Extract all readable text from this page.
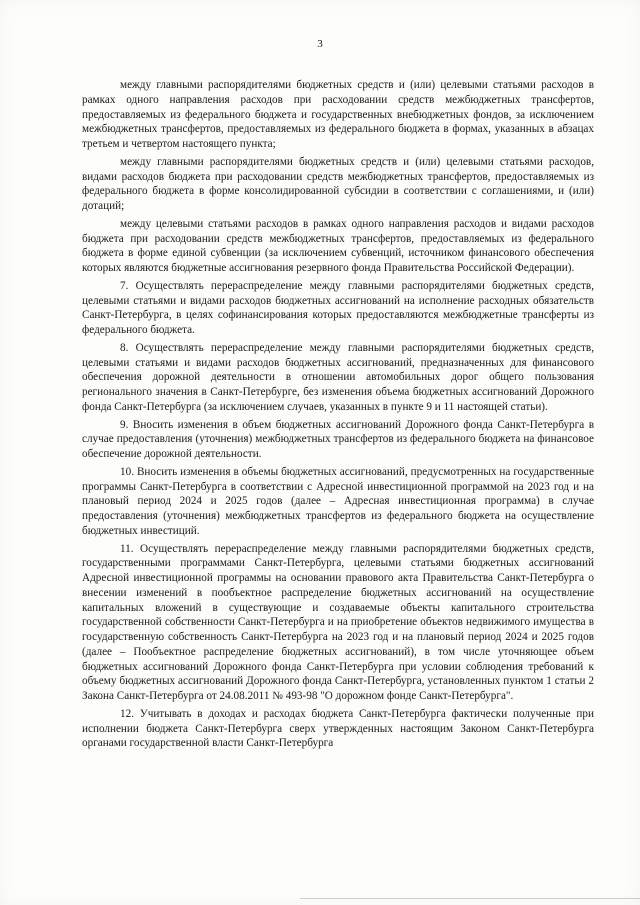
3

между главными распорядителями бюджетных средств и (или) целевыми статьями расходов в рамках одного направления расходов при расходовании средств межбюджетных трансфертов, предоставляемых из федерального бюджета и государственных внебюджетных фондов, за исключением межбюджетных трансфертов, предоставляемых из федерального бюджета в формах, указанных в абзацах третьем и четвертом настоящего пункта;

между главными распорядителями бюджетных средств и (или) целевыми статьями расходов, видами расходов бюджета при расходовании средств межбюджетных трансфертов, предоставляемых из федерального бюджета в форме консолидированной субсидии в соответствии с соглашениями, и (или) дотаций;

между целевыми статьями расходов в рамках одного направления расходов и видами расходов бюджета при расходовании средств межбюджетных трансфертов, предоставляемых из федерального бюджета в форме единой субвенции (за исключением субвенций, источником финансового обеспечения которых являются бюджетные ассигнования резервного фонда Правительства Российской Федерации).

7. Осуществлять перераспределение между главными распорядителями бюджетных средств, целевыми статьями и видами расходов бюджетных ассигнований на исполнение расходных обязательств Санкт-Петербурга, в целях софинансирования которых предоставляются межбюджетные трансферты из федерального бюджета.

8. Осуществлять перераспределение между главными распорядителями бюджетных средств, целевыми статьями и видами расходов бюджетных ассигнований, предназначенных для финансового обеспечения дорожной деятельности в отношении автомобильных дорог общего пользования регионального значения в Санкт-Петербурге, без изменения объема бюджетных ассигнований Дорожного фонда Санкт-Петербурга (за исключением случаев, указанных в пункте 9 и 11 настоящей статьи).

9. Вносить изменения в объем бюджетных ассигнований Дорожного фонда Санкт-Петербурга в случае предоставления (уточнения) межбюджетных трансфертов из федерального бюджета на финансовое обеспечение дорожной деятельности.

10. Вносить изменения в объемы бюджетных ассигнований, предусмотренных на государственные программы Санкт-Петербурга в соответствии с Адресной инвестиционной программой на 2023 год и на плановый период 2024 и 2025 годов (далее – Адресная инвестиционная программа) в случае предоставления (уточнения) межбюджетных трансфертов из федерального бюджета на осуществление бюджетных инвестиций.

11. Осуществлять перераспределение между главными распорядителями бюджетных средств, государственными программами Санкт-Петербурга, целевыми статьями бюджетных ассигнований Адресной инвестиционной программы на основании правового акта Правительства Санкт-Петербурга о внесении изменений в пообъектное распределение бюджетных ассигнований на осуществление капитальных вложений в существующие и создаваемые объекты капитального строительства государственной собственности Санкт-Петербурга и на приобретение объектов недвижимого имущества в государственную собственность Санкт-Петербурга на 2023 год и на плановый период 2024 и 2025 годов (далее – Пообъектное распределение бюджетных ассигнований), в том числе уточняющее объем бюджетных ассигнований Дорожного фонда Санкт-Петербурга при условии соблюдения требований к объему бюджетных ассигнований Дорожного фонда Санкт-Петербурга, установленных пунктом 1 статьи 2 Закона Санкт-Петербурга от 24.08.2011 № 493-98 "О дорожном фонде Санкт-Петербурга".

12. Учитывать в доходах и расходах бюджета Санкт-Петербурга фактически полученные при исполнении бюджета Санкт-Петербурга сверх утвержденных настоящим Законом Санкт-Петербурга органами государственной власти Санкт-Петербурга
